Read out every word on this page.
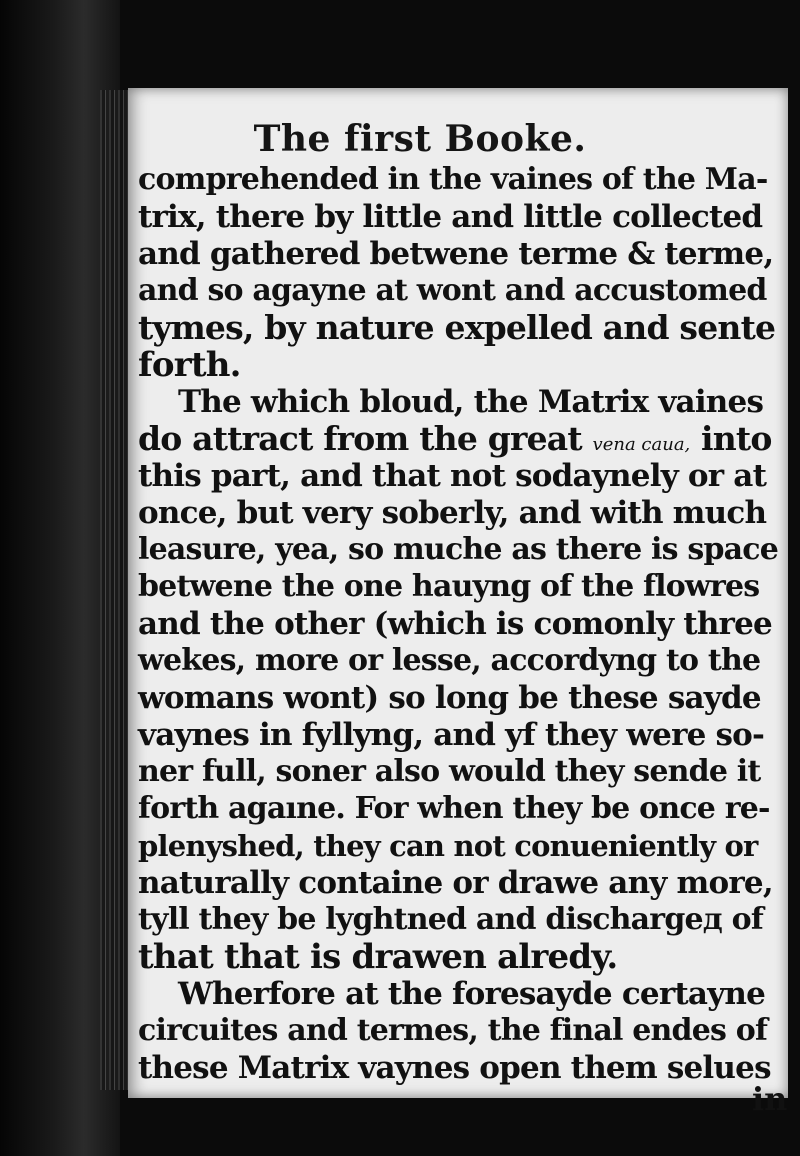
The first Booke.
comprehended in the vaines of the Ma-
trix, there by little and little collected
and gathered betwene terme & terme,
and so agayne at wont and accustomed
tymes, by nature expelled and sente
forth.
The which bloud, the Matrix vaines
do attract from the great vena caua, into
this part, and that not sodaynely or at
once, but very soberly, and with much
leasure, yea, so muche as there is space
betwene the one hauyng of the flowres
and the other (which is comonly three
wekes, more or lesse, accordyng to the
womans wont) so long be these sayde
vaynes in fyllyng, and yf they were so-
ner full, soner also would they sende it
forth agaıne. For when they be once re-
plenyshed, they can not conueniently or
naturally containe or drawe any more,
tyll they be lyghtned and dischargeд of
that that is drawen alredy.
Wherfore at the foresayde certayne
circuites and termes, the final endes of
these Matrix vaynes open them selues
in
